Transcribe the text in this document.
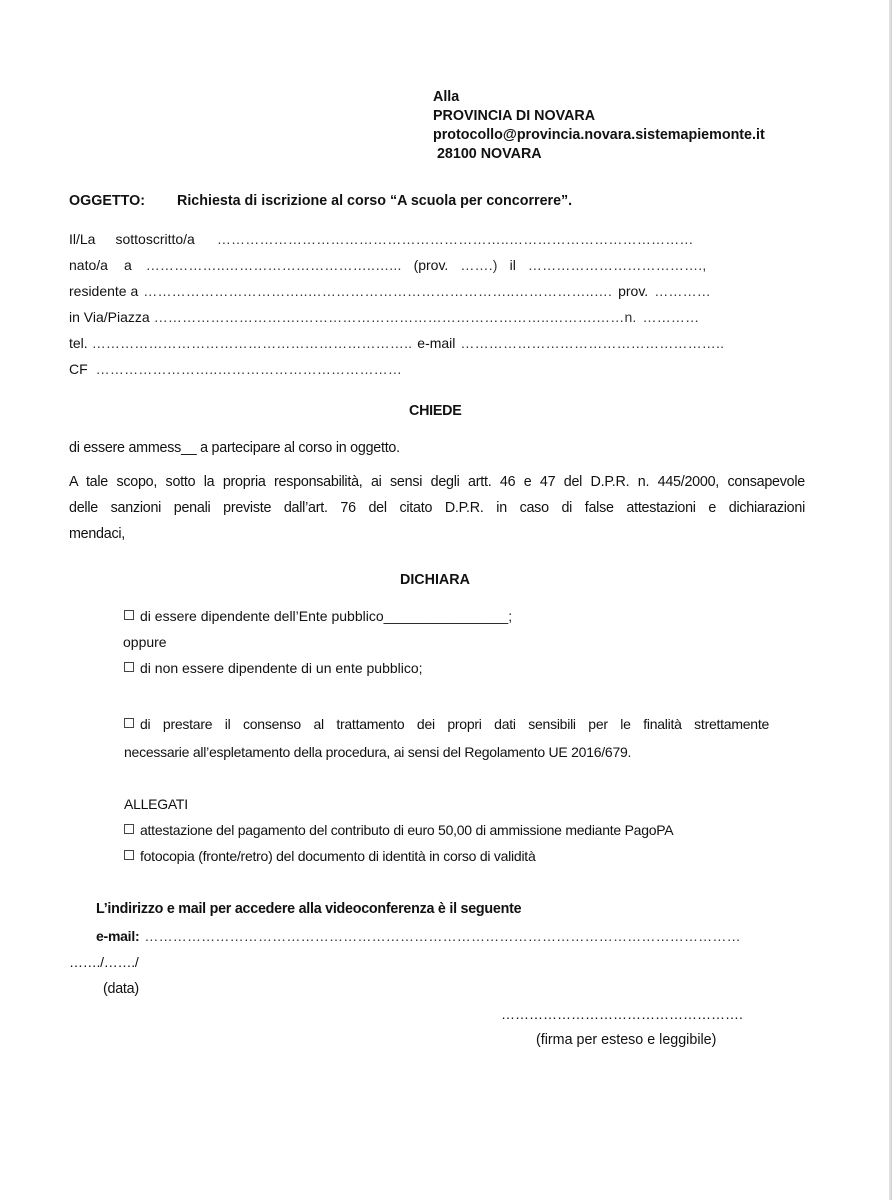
Alla
PROVINCIA DI NOVARA
protocollo@provincia.novara.sistemapiemonte.it
28100 NOVARA
OGGETTO: Richiesta di iscrizione al corso “A scuola per concorrere”.
Il/La sottoscritto/a ……………………………………………………..…………………………………
nato/a a ……………..…………………………..…... (prov. …….) il ……………………………….,
residente a ……………………………..……………………………………..……………..…. prov. …………
in Via/Piazza ………………………….……………………………………………..……….……n. …………
tel. ………………………………………………………….. e-mail ………………………………………………..
CF ……………………..…………………………………
CHIEDE
di essere ammess__ a partecipare al corso in oggetto.
A tale scopo, sotto la propria responsabilità, ai sensi degli artt. 46 e 47 del D.P.R. n. 445/2000, consapevole
delle sanzioni penali previste dall’art. 76 del citato D.P.R. in caso di false attestazioni e dichiarazioni
mendaci,
DICHIARA
di essere dipendente dell’Ente pubblico________________;
oppure
di non essere dipendente di un ente pubblico;
di prestare il consenso al trattamento dei propri dati sensibili per le finalità strettamente
necessarie all’espletamento della procedura, ai sensi del Regolamento UE 2016/679.
ALLEGATI
attestazione del pagamento del contributo di euro 50,00 di ammissione mediante PagoPA
fotocopia (fronte/retro) del documento di identità in corso di validità
L’indirizzo e mail per accedere alla videoconferenza è il seguente
e-mail: ………………………………………………………………………………………………………………
……./……./
(data)
…………………………………………….
(firma per esteso e leggibile)
